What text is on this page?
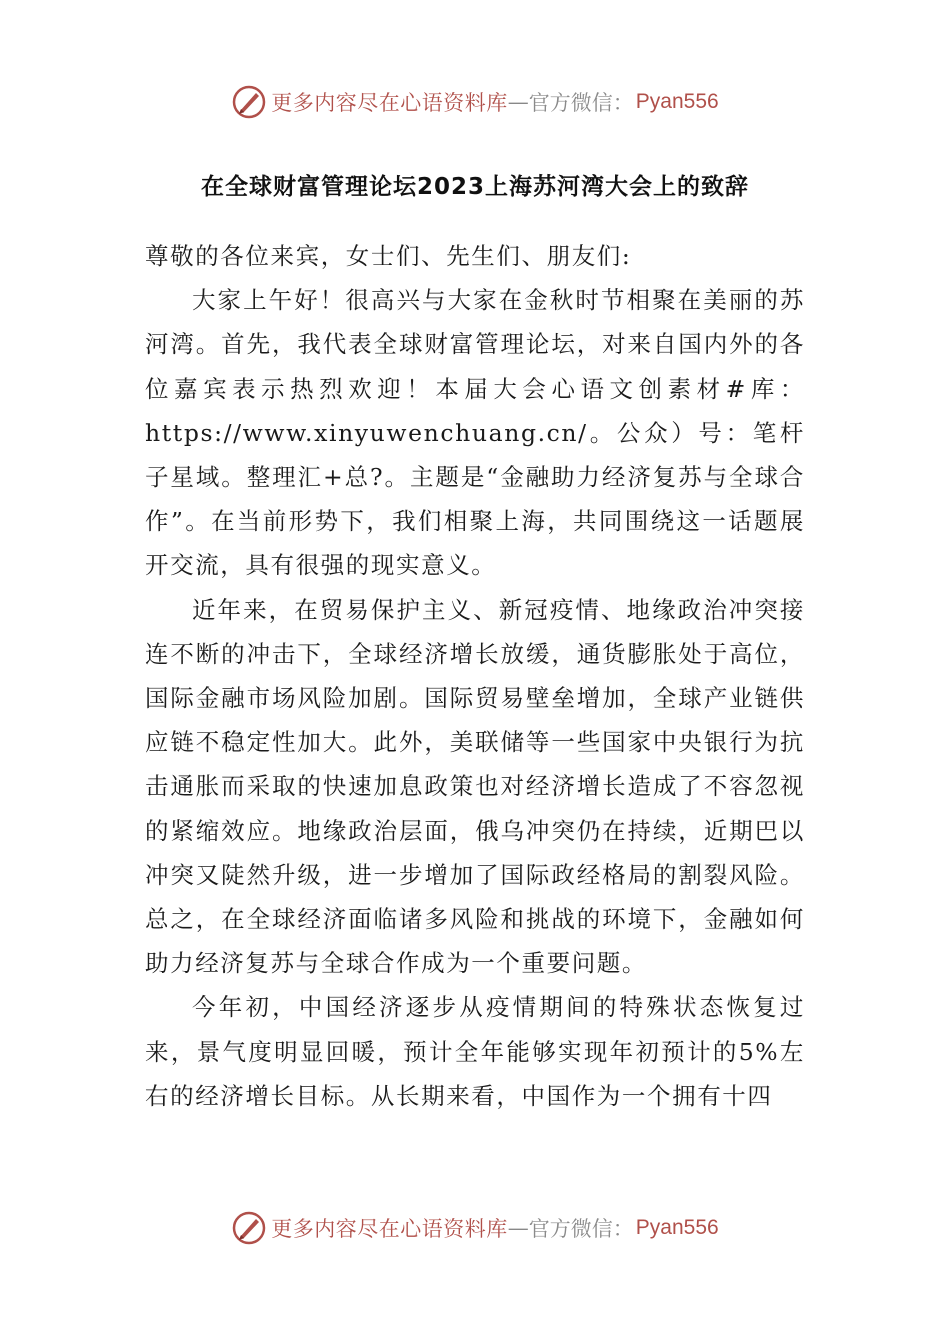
更多内容尽在心语资料库 — 官方微信： Pyan556
在全球财富管理论坛2023上海苏河湾大会上的致辞

尊敬的各位来宾，女士们、先生们、朋友们:

大家上午好！很高兴与大家在金秋时节相聚在美丽的苏河湾。首先，我代表全球财富管理论坛，对来自国内外的各位嘉宾表示热烈欢迎！本届大会心语文创素材#库：https://www.xinyuwenchuang.cn/。公众）号：笔杆子星域。整理汇+总?。主题是“金融助力经济复苏与全球合作”。在当前形势下，我们相聚上海，共同围绕这一话题展开交流，具有很强的现实意义。

近年来，在贸易保护主义、新冠疫情、地缘政治冲突接连不断的冲击下，全球经济增长放缓，通货膨胀处于高位，国际金融市场风险加剧。国际贸易壁垒增加，全球产业链供应链不稳定性加大。此外，美联储等一些国家中央银行为抗击通胀而采取的快速加息政策也对经济增长造成了不容忽视的紧缩效应。地缘政治层面，俄乌冲突仍在持续，近期巴以冲突又陡然升级，进一步增加了国际政经格局的割裂风险。总之，在全球经济面临诸多风险和挑战的环境下，金融如何助力经济复苏与全球合作成为一个重要问题。

今年初，中国经济逐步从疫情期间的特殊状态恢复过来，景气度明显回暖，预计全年能够实现年初预计的5%左右的经济增长目标。从长期来看，中国作为一个拥有十四

更多内容尽在心语资料库 — 官方微信： Pyan556
